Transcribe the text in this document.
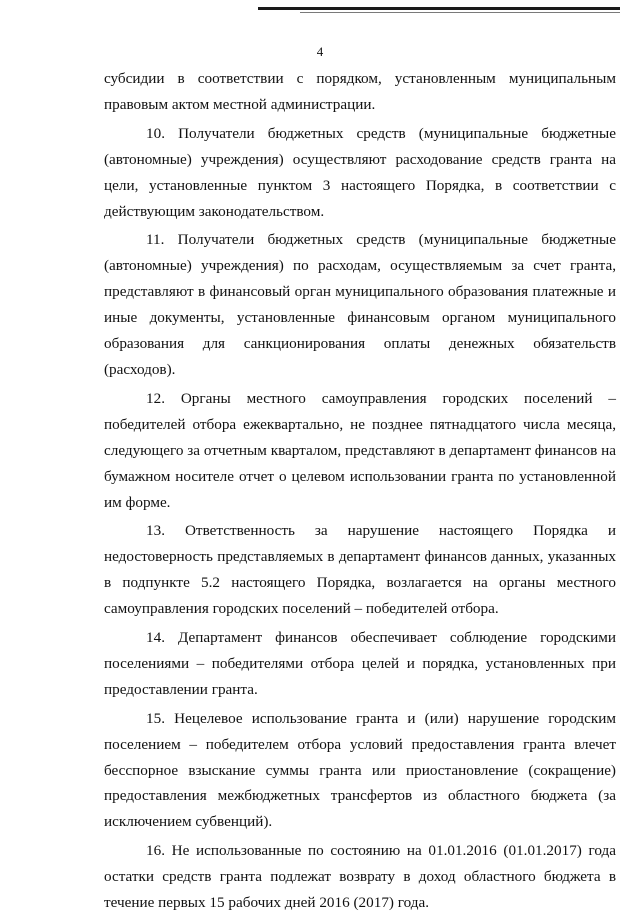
4

субсидии в соответствии с порядком, установленным муниципальным правовым актом местной администрации.

10. Получатели бюджетных средств (муниципальные бюджетные (автономные) учреждения) осуществляют расходование средств гранта на цели, установленные пунктом 3 настоящего Порядка, в соответствии с действующим законодательством.

11. Получатели бюджетных средств (муниципальные бюджетные (автономные) учреждения) по расходам, осуществляемым за счет гранта, представляют в финансовый орган муниципального образования платежные и иные документы, установленные финансовым органом муниципального образования для санкционирования оплаты денежных обязательств (расходов).

12. Органы местного самоуправления городских поселений – победителей отбора ежеквартально, не позднее пятнадцатого числа месяца, следующего за отчетным кварталом, представляют в департамент финансов на бумажном носителе отчет о целевом использовании гранта по установленной им форме.

13. Ответственность за нарушение настоящего Порядка и недостоверность представляемых в департамент финансов данных, указанных в подпункте 5.2 настоящего Порядка, возлагается на органы местного самоуправления городских поселений – победителей отбора.

14. Департамент финансов обеспечивает соблюдение городскими поселениями – победителями отбора целей и порядка, установленных при предоставлении гранта.

15. Нецелевое использование гранта и (или) нарушение городским поселением – победителем отбора условий предоставления гранта влечет бесспорное взыскание суммы гранта или приостановление (сокращение) предоставления межбюджетных трансфертов из областного бюджета (за исключением субвенций).

16. Не использованные по состоянию на 01.01.2016 (01.01.2017) года остатки средств гранта подлежат возврату в доход областного бюджета в течение первых 15 рабочих дней 2016 (2017) года.
